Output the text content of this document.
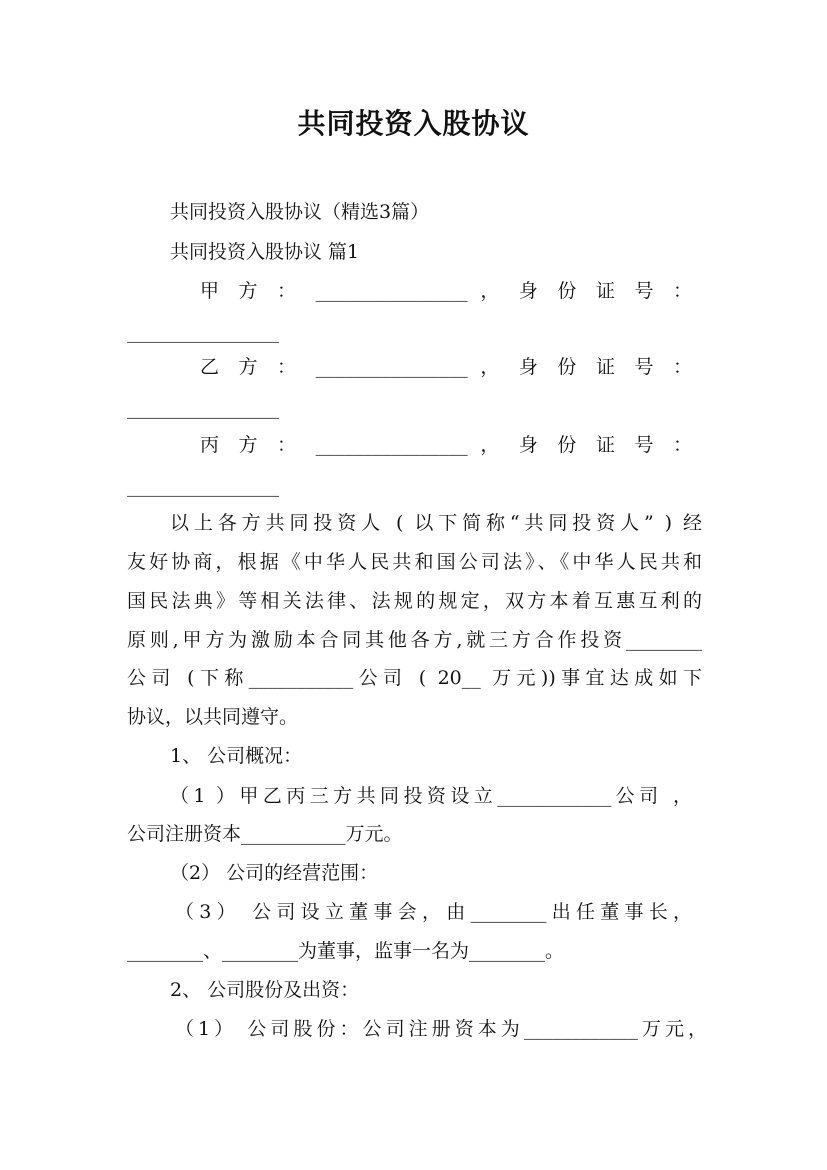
共同投资入股协议
共同投资入股协议（精选3篇）
共同投资入股协议 篇1
甲 方 ： ________________ ， 身 份 证 号 ：
________________
乙 方 ： ________________ ， 身 份 证 号 ：
________________
丙 方 ： ________________ ， 身 份 证 号 ：
________________
以上各方共同投资人 ( 以下简称“共同投资人” ) 经
友好协商，根据《中华人民共和国公司法》、《中华人民共和
国民法典》等相关法律、法规的规定，双方本着互惠互利的
原则,甲方为激励本合同其他各方,就三方合作投资________
公司 (下称___________公司 ( 20__ 万元))事宜达成如下
协议，以共同遵守。
1、 公司概况：
（1 ）甲乙丙三方共同投资设立____________公司 ，
公司注册资本___________万元。
（2） 公司的经营范围：
（3） 公司设立董事会，由________出任董事长，
________、________为董事，监事一名为________。
2、 公司股份及出资：
（1） 公司股份：公司注册资本为____________万元，
